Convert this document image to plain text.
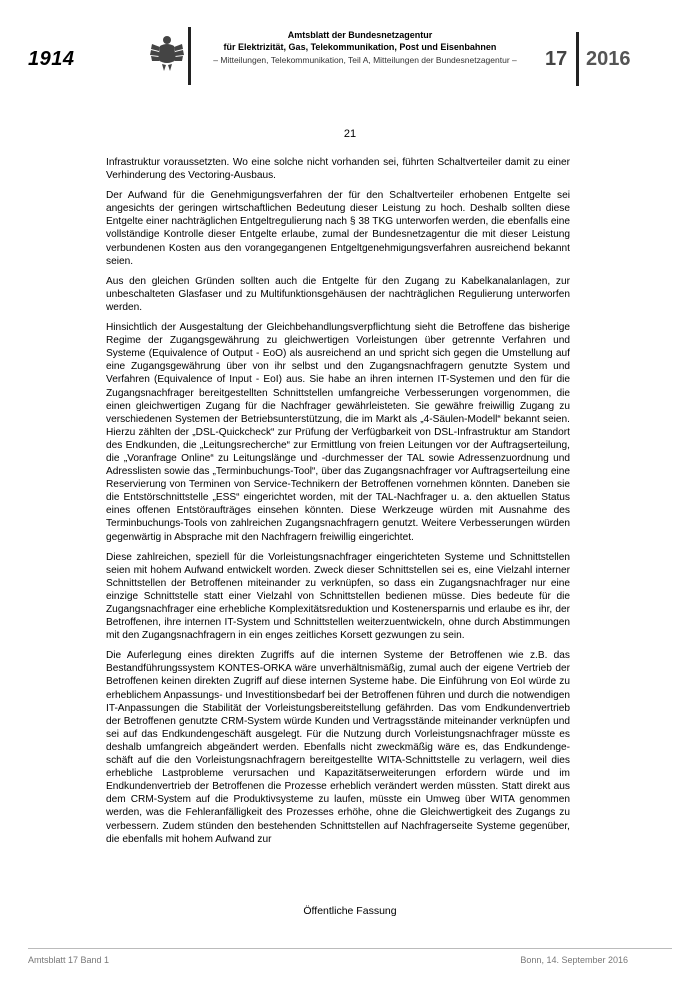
1914
Amtsblatt der Bundesnetzagentur
für Elektrizität, Gas, Telekommunikation, Post und Eisenbahnen
– Mitteilungen, Telekommunikation, Teil A, Mitteilungen der Bundesnetzagentur –	17 2016
21

Infrastruktur voraussetzten. Wo eine solche nicht vorhanden sei, führten Schaltverteiler damit zu einer Verhinderung des Vectoring-Ausbaus.

Der Aufwand für die Genehmigungsverfahren der für den Schaltverteiler erhobenen Entgelte sei angesichts der geringen wirtschaftlichen Bedeutung dieser Leistung zu hoch. Deshalb sollten diese Entgelte einer nachträglichen Entgeltregulierung nach § 38 TKG unterworfen werden, die ebenfalls eine vollständige Kontrolle dieser Entgelte erlaube, zumal der Bundesnetzagentur die mit dieser Leistung verbundenen Kosten aus den vorangegangenen Entgeltgenehmigungsverfahren ausreichend bekannt seien.

Aus den gleichen Gründen sollten auch die Entgelte für den Zugang zu Kabelkanalanlagen, zur unbeschalteten Glasfaser und zu Multifunktionsgehäusen der nachträglichen Regulierung unterworfen werden.

Hinsichtlich der Ausgestaltung der Gleichbehandlungsverpflichtung sieht die Betroffene das bisherige Regime der Zugangsgewährung zu gleichwertigen Vorleistungen über getrennte Verfahren und Systeme (Equivalence of Output - EoO) als ausreichend an und spricht sich gegen die Umstellung auf eine Zugangsgewährung über von ihr selbst und den Zugangsnachfragern genutzte System und Verfahren (Equivalence of Input - EoI) aus. Sie habe an ihren internen IT-Systemen und den für die Zugangsnachfrager bereitgestellten Schnittstellen umfangreiche Verbesserungen vorgenommen, die einen gleichwertigen Zugang für die Nachfrager gewährleisteten. Sie gewähre freiwillig Zugang zu verschiedenen Systemen der Betriebsunterstützung, die im Markt als „4-Säulen-Modell“ bekannt seien. Hierzu zählten der „DSL-Quickcheck“ zur Prüfung der Verfügbarkeit von DSL-Infrastruktur am Standort des Endkunden, die „Leitungsrecherche“ zur Ermittlung von freien Leitungen vor der Auftragserteilung, die „Voranfrage Online“ zu Leitungslänge und -durchmesser der TAL sowie Adressenzuordnung und Adresslisten sowie das „Terminbuchungs-Tool“, über das Zugangsnachfrager vor Auftragserteilung eine Reservierung von Terminen von Service-Technikern der Betroffenen vornehmen könnten. Daneben sie die Entstörschnittstelle „ESS“ eingerichtet worden, mit der TAL-Nachfrager u. a. den aktuellen Status eines offenen Entstöraufträges einsehen könnten. Diese Werkzeuge würden mit Ausnahme des Terminbuchungs-Tools von zahlreichen Zugangsnachfragern genutzt. Weitere Verbesserungen würden gegenwärtig in Absprache mit den Nachfragern freiwillig eingerichtet.

Diese zahlreichen, speziell für die Vorleistungsnachfrager eingerichteten Systeme und Schnittstellen seien mit hohem Aufwand entwickelt worden. Zweck dieser Schnittstellen sei es, eine Vielzahl interner Schnittstellen der Betroffenen miteinander zu verknüpfen, so dass ein Zugangsnachfrager nur eine einzige Schnittstelle statt einer Vielzahl von Schnittstellen bedienen müsse. Dies bedeute für die Zugangsnachfrager eine erhebliche Komplexitätsreduktion und Kostenersparnis und erlaube es ihr, der Betroffenen, ihre internen IT-System und Schnittstellen weiterzuentwickeln, ohne durch Abstimmungen mit den Zugangsnachfragern in ein enges zeitliches Korsett gezwungen zu sein.

Die Auferlegung eines direkten Zugriffs auf die internen Systeme der Betroffenen wie z.B. das Bestandführungssystem KONTES-ORKA wäre unverhältnismäßig, zumal auch der eigene Vertrieb der Betroffenen keinen direkten Zugriff auf diese internen Systeme habe. Die Einführung von EoI würde zu erheblichem Anpassungs- und Investitionsbedarf bei der Betroffenen führen und durch die notwendigen IT-Anpassungen die Stabilität der Vorleistungsbereitstellung gefährden. Das vom Endkundenvertrieb der Betroffenen genutzte CRM-System würde Kunden und Vertragsstände miteinander verknüpfen und sei auf das Endkundengeschäft ausgelegt. Für die Nutzung durch Vorleistungsnachfrager müsste es deshalb umfangreich abgeändert werden. Ebenfalls nicht zweckmäßig wäre es, das Endkundengeschäft auf die den Vorleistungsnachfragern bereitgestellte WITA-Schnittstelle zu verlagern, weil dies erhebliche Lastprobleme verursachen und Kapazitätserweiterungen erfordern würde und im Endkundenvertrieb der Betroffenen die Prozesse erheblich verändert werden müssten. Statt direkt aus dem CRM-System auf die Produktivsysteme zu laufen, müsste ein Umweg über WITA genommen werden, was die Fehleranfälligkeit des Prozesses erhöhe, ohne die Gleichwertigkeit des Zugangs zu verbessern. Zudem stünden den bestehenden Schnittstellen auf Nachfragerseite Systeme gegenüber, die ebenfalls mit hohem Aufwand zur

Öffentliche Fassung
Amtsblatt 17 Band 1	Bonn, 14. September 2016
